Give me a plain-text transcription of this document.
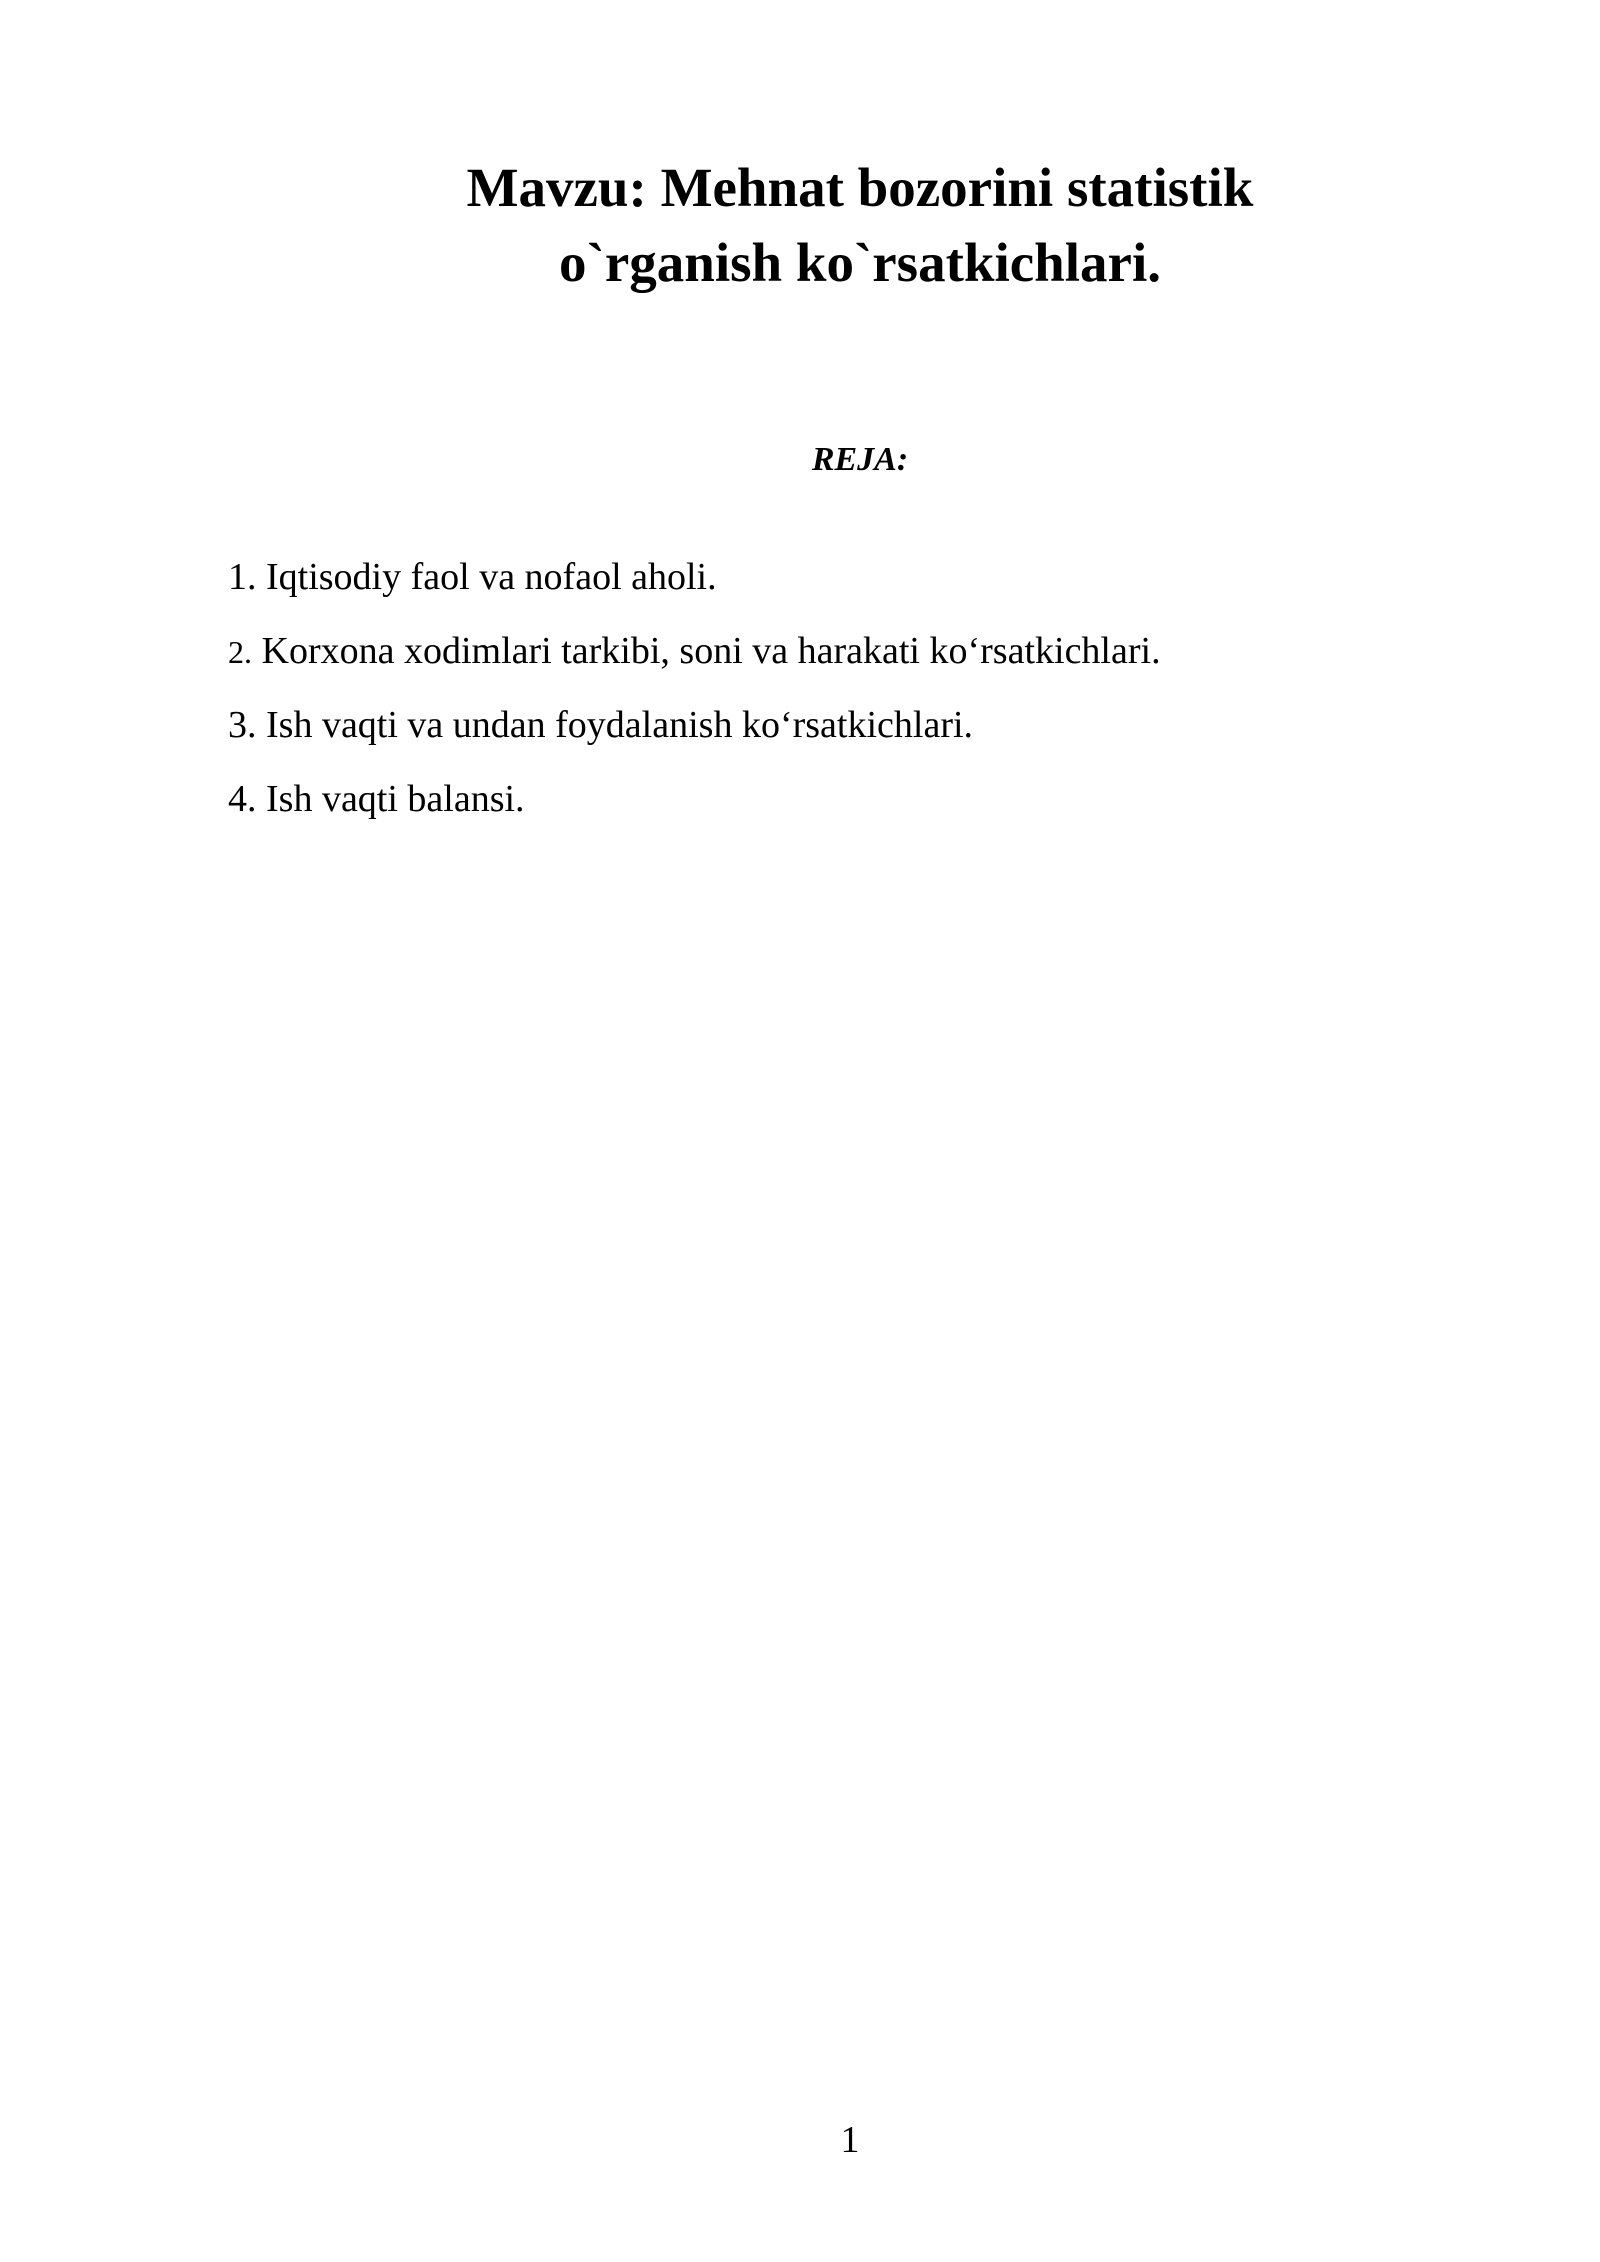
Mavzu: Mehnat bozorini statistik
o`rganish ko`rsatkichlari.
REJA:
1. Iqtisodiy faol va nofaol aholi.
2. Korxona xodimlari tarkibi, soni va harakati ko‘rsatkichlari.
3. Ish vaqti va undan foydalanish ko‘rsatkichlari.
4. Ish vaqti balansi.
1
